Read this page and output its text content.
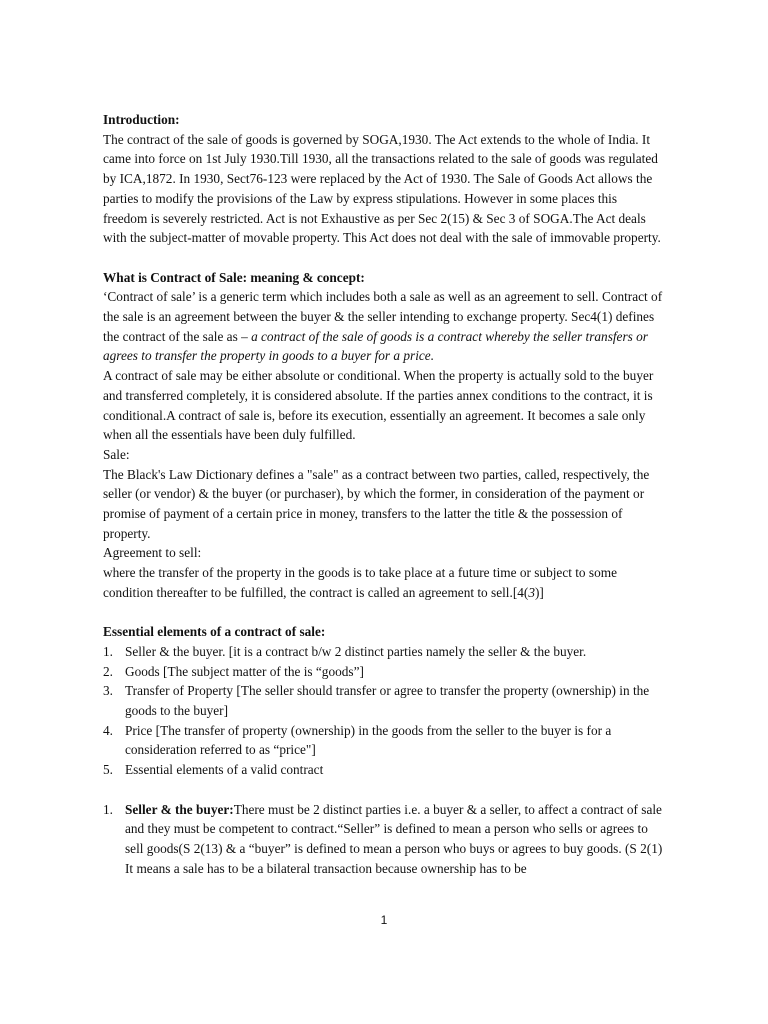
Introduction:

The contract of the sale of goods is governed by SOGA,1930. The Act extends to the whole of India. It came into force on 1st July 1930.Till 1930, all the transactions related to the sale of goods was regulated by ICA,1872. In 1930, Sect76-123 were replaced by the Act of 1930. The Sale of Goods Act allows the parties to modify the provisions of the Law by express stipulations. However in some places this freedom is severely restricted. Act is not Exhaustive as per Sec 2(15) & Sec 3 of SOGA.The Act deals with the subject-matter of movable property. This Act does not deal with the sale of immovable property.

What is Contract of Sale: meaning & concept:

‘Contract of sale’ is a generic term which includes both a sale as well as an agreement to sell. Contract of the sale is an agreement between the buyer & the seller intending to exchange property. Sec4(1) defines the contract of the sale as – a contract of the sale of goods is a contract whereby the seller transfers or agrees to transfer the property in goods to a buyer for a price.

A contract of sale may be either absolute or conditional. When the property is actually sold to the buyer and transferred completely, it is considered absolute. If the parties annex conditions to the contract, it is conditional.A contract of sale is, before its execution, essentially an agreement. It becomes a sale only when all the essentials have been duly fulfilled.

Sale:

The Black's Law Dictionary defines a "sale" as a contract between two parties, called, respectively, the seller (or vendor) & the buyer (or purchaser), by which the former, in consideration of the payment or promise of payment of a certain price in money, transfers to the latter the title & the possession of property.

Agreement to sell:

where the transfer of the property in the goods is to take place at a future time or subject to some condition thereafter to be fulfilled, the contract is called an agreement to sell.[4(3)]

Essential elements of a contract of sale:

1. Seller & the buyer. [it is a contract b/w 2 distinct parties namely the seller & the buyer.
2. Goods [The subject matter of the is “goods”]
3. Transfer of Property [The seller should transfer or agree to transfer the property (ownership) in the goods to the buyer]
4. Price [The transfer of property (ownership) in the goods from the seller to the buyer is for a consideration referred to as “price"]
5. Essential elements of a valid contract
1. Seller & the buyer:There must be 2 distinct parties i.e. a buyer & a seller, to affect a contract of sale and they must be competent to contract.“Seller” is defined to mean a person who sells or agrees to sell goods(S 2(13) & a “buyer” is defined to mean a person who buys or agrees to buy goods. (S 2(1) It means a sale has to be a bilateral transaction because ownership has to be
1
